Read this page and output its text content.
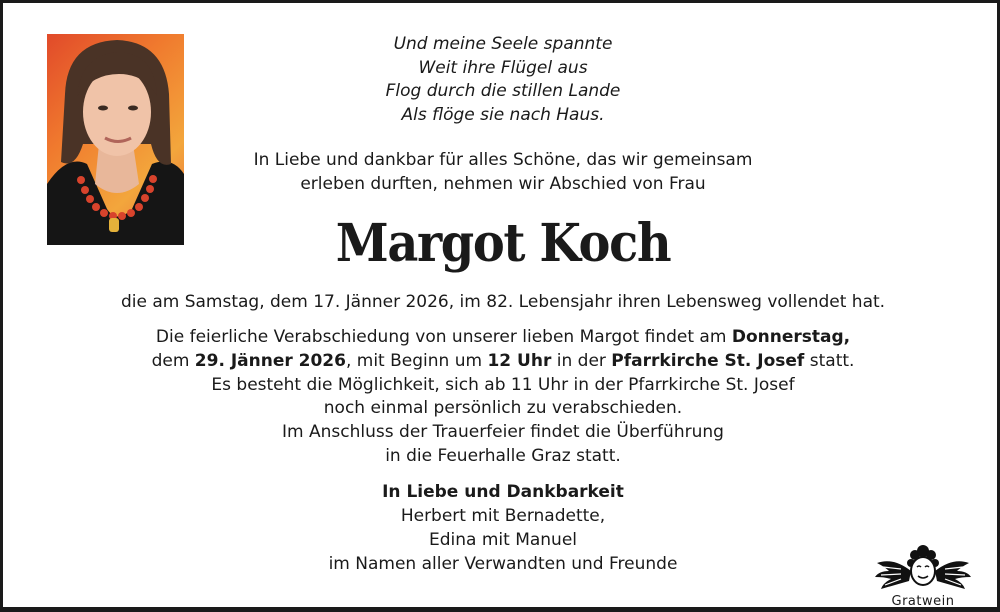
Und meine Seele spannte
Weit ihre Flügel aus
Flog durch die stillen Lande
Als flöge sie nach Haus.
In Liebe und dankbar für alles Schöne, das wir gemeinsam
erleben durften, nehmen wir Abschied von Frau
Margot Koch
die am Samstag, dem 17. Jänner 2026, im 82. Lebensjahr ihren Lebensweg vollendet hat.
Die feierliche Verabschiedung von unserer lieben Margot findet am Donnerstag,
dem 29. Jänner 2026, mit Beginn um 12 Uhr in der Pfarrkirche St. Josef statt.
Es besteht die Möglichkeit, sich ab 11 Uhr in der Pfarrkirche St. Josef
noch einmal persönlich zu verabschieden.
Im Anschluss der Trauerfeier findet die Überführung
in die Feuerhalle Graz statt.
In Liebe und Dankbarkeit
Herbert mit Bernadette,
Edina mit Manuel
im Namen aller Verwandten und Freunde
Gratwein
